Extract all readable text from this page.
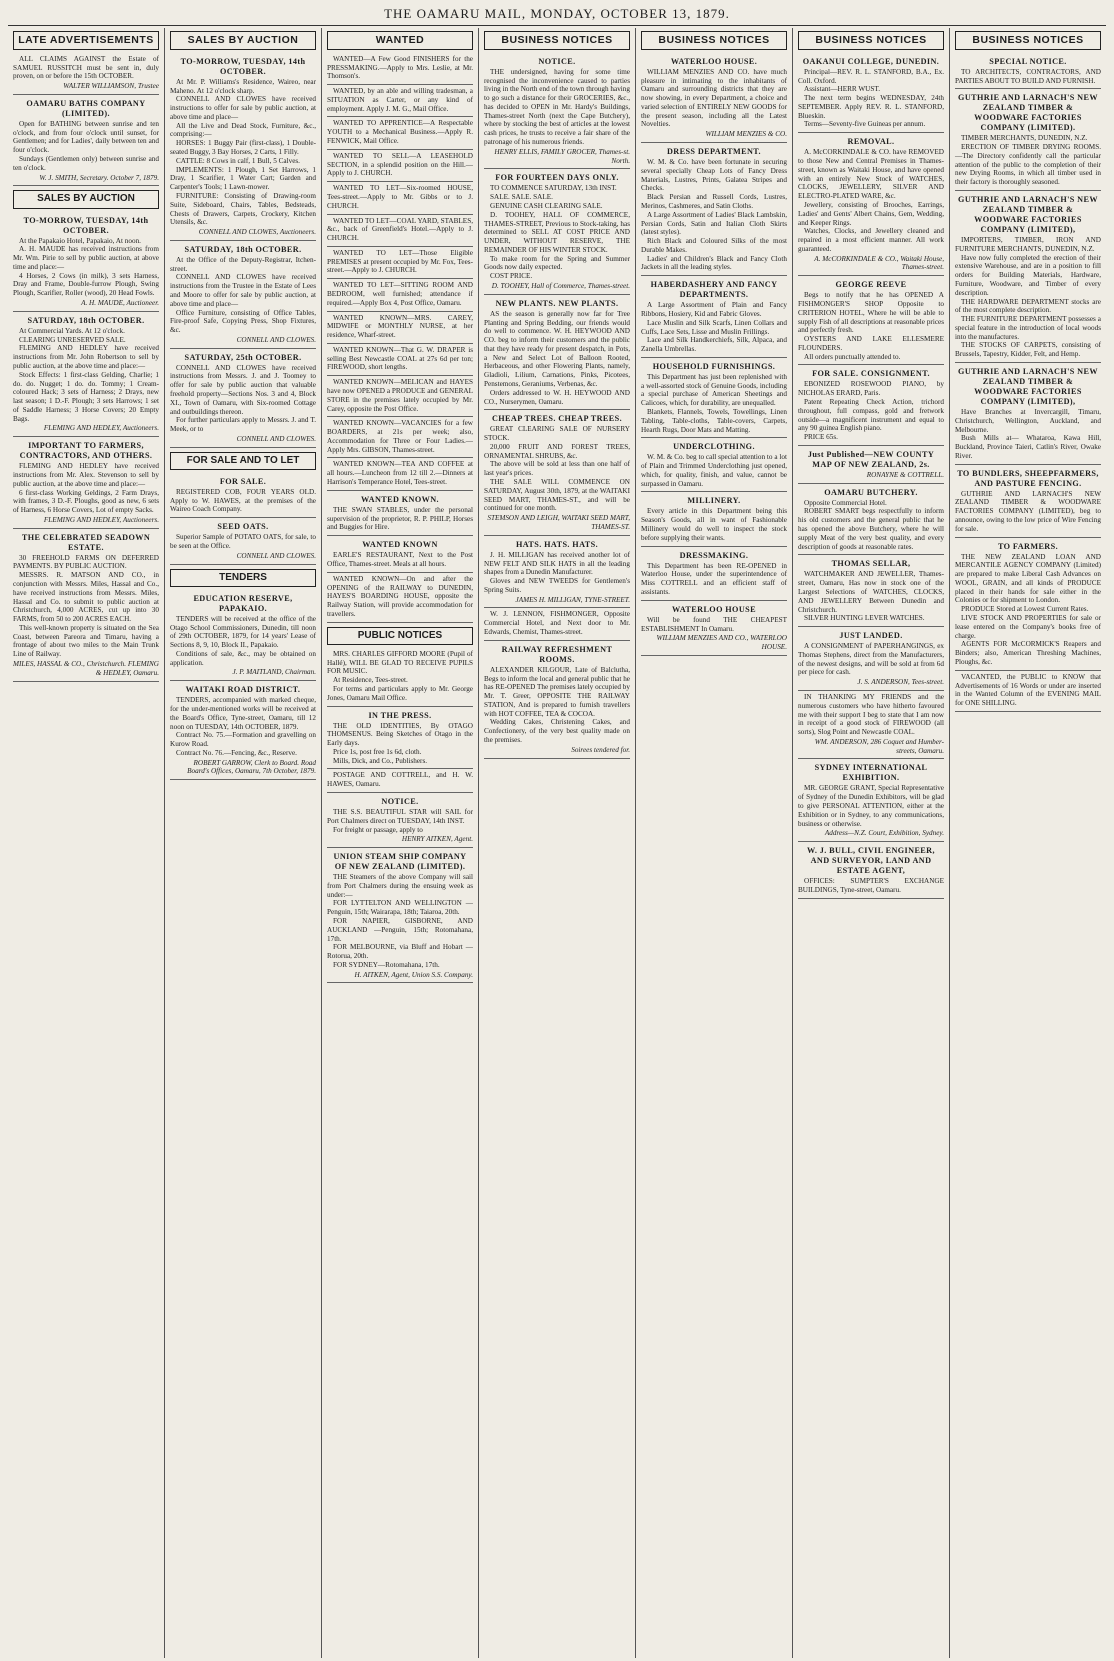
THE OAMARU MAIL, MONDAY, OCTOBER 13, 1879.
LATE ADVERTISEMENTS
ALL CLAIMS AGAINST the Estate of SAMUEL RUSSITCH must be sent in, duly proven, on or before the 15th OCTOBER.
WALTER WILLIAMSON, Trustee
OAMARU BATHS COMPANY (LIMITED).
Open for BATHING between sunrise and ten o'clock, and from four o'clock until sunset, for Gentlemen; and for Ladies', daily between ten and four o'clock.
Sundays (Gentlemen only) between sunrise and ten o'clock.
W. J. SMITH, Secretary. October 7, 1879.
SALES BY AUCTION
TO-MORROW, TUESDAY, 14th OCTOBER.
At the Papakaio Hotel, Papakaio, At noon.
A. H. MAUDE has received instructions from Mr. Wm. Pirie to sell by public auction, at above time and place:—
4 Horses, 2 Cows (in milk), 3 sets Harness, Dray and Frame, Double-furrow Plough, Swing Plough, Scarifier, Roller (wood), 20 Head Fowls.
A. H. MAUDE, Auctioneer.
SATURDAY, 18th OCTOBER.
At Commercial Yards. At 12 o'clock.
CLEARING UNRESERVED SALE.
FLEMING AND HEDLEY have received instructions from Mr. John Robertson to sell by public auction, at the above time and place:—
Stock Effects: 1 first-class Gelding, Charlie; 1 do. do. Nugget; 1 do. do. Tommy; 1 Cream-coloured Hack; 3 sets of Harness; 2 Drays, new last season; 1 D.-F. Plough; 3 sets Harrows; 1 set of Saddle Harness; 3 Horse Covers; 20 Empty Bags.
FLEMING AND HEDLEY, Auctioneers.
IMPORTANT TO FARMERS, CONTRACTORS, AND OTHERS.
FLEMING AND HEDLEY have received instructions from Mr. Alex. Stevenson to sell by public auction, at the above time and place:—
6 first-class Working Geldings, 2 Farm Drays, with frames, 3 D.-F. Ploughs, good as new, 6 sets of Harness, 6 Horse Covers, Lot of empty Sacks.
FLEMING AND HEDLEY, Auctioneers.
THE CELEBRATED SEADOWN ESTATE.
30 FREEHOLD FARMS ON DEFERRED PAYMENTS. BY PUBLIC AUCTION.
MESSRS. R. MATSON AND CO., in conjunction with Messrs. Miles, Hassal and Co., have received instructions from Messrs. Miles, Hassal and Co. to submit to public auction at Christchurch, 4,000 ACRES, cut up into 30 FARMS, from 50 to 200 ACRES EACH.
This well-known property is situated on the Sea Coast, between Pareora and Timaru, having a frontage of about two miles to the Main Trunk Line of Railway.
MILES, HASSAL & CO., Christchurch. FLEMING & HEDLEY, Oamaru.
SALES BY AUCTION
TO-MORROW, TUESDAY, 14th OCTOBER.
At Mr. P. Williams's Residence, Waireo, near Maheno. At 12 o'clock sharp.
CONNELL AND CLOWES have received instructions to offer for sale by public auction, at above time and place—
All the Live and Dead Stock, Furniture, &c., comprising:—
HORSES: 1 Buggy Pair (first-class), 1 Double-seated Buggy, 3 Bay Horses, 2 Carts, 1 Filly.
CATTLE: 8 Cows in calf, 1 Bull, 5 Calves.
IMPLEMENTS: 1 Plough, 1 Set Harrows, 1 Dray, 1 Scarifier, 1 Water Cart; Garden and Carpenter's Tools; 1 Lawn-mower.
FURNITURE: Consisting of Drawing-room Suite, Sideboard, Chairs, Tables, Bedsteads, Chests of Drawers, Carpets, Crockery, Kitchen Utensils, &c.
CONNELL AND CLOWES, Auctioneers.
SATURDAY, 18th OCTOBER.
At the Office of the Deputy-Registrar, Itchen-street.
CONNELL AND CLOWES have received instructions from the Trustee in the Estate of Lees and Moore to offer for sale by public auction, at above time and place—
Office Furniture, consisting of Office Tables, Fire-proof Safe, Copying Press, Shop Fixtures, &c.
CONNELL AND CLOWES.
SATURDAY, 25th OCTOBER.
CONNELL AND CLOWES have received instructions from Messrs. J. and J. Toomey to offer for sale by public auction that valuable freehold property—Sections Nos. 3 and 4, Block XI., Town of Oamaru, with Six-roomed Cottage and outbuildings thereon.
For further particulars apply to Messrs. J. and T. Meek, or to
CONNELL AND CLOWES.
FOR SALE AND TO LET
FOR SALE.
REGISTERED COB, FOUR YEARS OLD. Apply to W. HAWES, at the premises of the Waireo Coach Company.
SEED OATS.
Superior Sample of POTATO OATS, for sale, to be seen at the Office.
CONNELL AND CLOWES.
TENDERS
EDUCATION RESERVE, PAPAKAIO.
TENDERS will be received at the office of the Otago School Commissioners, Dunedin, till noon of 29th OCTOBER, 1879, for 14 years' Lease of Sections 8, 9, 10, Block II., Papakaio.
Conditions of sale, &c., may be obtained on application.
J. P. MAITLAND, Chairman.
WAITAKI ROAD DISTRICT.
TENDERS, accompanied with marked cheque, for the under-mentioned works will be received at the Board's Office, Tyne-street, Oamaru, till 12 noon on TUESDAY, 14th OCTOBER, 1879.
Contract No. 75.—Formation and gravelling on Kurow Road.
Contract No. 76.—Fencing, &c., Reserve.
ROBERT GARROW, Clerk to Board. Road Board's Offices, Oamaru, 7th October, 1879.
WANTED
WANTED—A Few Good FINISHERS for the PRESSMAKING.—Apply to Mrs. Leslie, at Mr. Thomson's.
WANTED, by an able and willing tradesman, a SITUATION as Carter, or any kind of employment. Apply J. M. G., Mail Office.
WANTED TO APPRENTICE—A Respectable YOUTH to a Mechanical Business.—Apply R. FENWICK, Mail Office.
WANTED TO SELL—A LEASEHOLD SECTION, in a splendid position on the Hill.—Apply to J. CHURCH.
WANTED TO LET—Six-roomed HOUSE, Tees-street.—Apply to Mr. Gibbs or to J. CHURCH.
WANTED TO LET—COAL YARD, STABLES, &c., back of Greenfield's Hotel.—Apply to J. CHURCH.
WANTED TO LET—Those Eligible PREMISES at present occupied by Mr. Fox, Tees-street.—Apply to J. CHURCH.
WANTED TO LET—SITTING ROOM AND BEDROOM, well furnished; attendance if required.—Apply Box 4, Post Office, Oamaru.
WANTED KNOWN—MRS. CAREY, MIDWIFE or MONTHLY NURSE, at her residence, Wharf-street.
WANTED KNOWN—That G. W. DRAPER is selling Best Newcastle COAL at 27s 6d per ton; FIREWOOD, short lengths.
WANTED KNOWN—MELICAN and HAYES have now OPENED a PRODUCE and GENERAL STORE in the premises lately occupied by Mr. Carey, opposite the Post Office.
WANTED KNOWN—VACANCIES for a few BOARDERS, at 21s per week; also, Accommodation for Three or Four Ladies.—Apply Mrs. GIBSON, Thames-street.
WANTED KNOWN—TEA AND COFFEE at all hours.—Luncheon from 12 till 2.—Dinners at Harrison's Temperance Hotel, Tees-street.
WANTED KNOWN.
THE SWAN STABLES, under the personal supervision of the proprietor, R. P. PHILP, Horses and Buggies for Hire.
WANTED KNOWN
EARLE'S RESTAURANT, Next to the Post Office, Thames-street. Meals at all hours.
WANTED KNOWN—On and after the OPENING of the RAILWAY to DUNEDIN, HAYES'S BOARDING HOUSE, opposite the Railway Station, will provide accommodation for travellers.
PUBLIC NOTICES
MRS. CHARLES GIFFORD MOORE (Pupil of Hallé), WILL BE GLAD TO RECEIVE PUPILS FOR MUSIC.
At Residence, Tees-street.
For terms and particulars apply to Mr. George Jones, Oamaru Mail Office.
IN THE PRESS.
THE OLD IDENTITIES, By OTAGO THOMSENUS. Being Sketches of Otago in the Early days.
Price 1s, post free 1s 6d, cloth.
Mills, Dick, and Co., Publishers.
POSTAGE AND COTTRELL, and H. W. HAWES, Oamaru.
NOTICE.
THE S.S. BEAUTIFUL STAR will SAIL for Port Chalmers direct on TUESDAY, 14th INST.
For freight or passage, apply to
HENRY AITKEN, Agent.
UNION STEAM SHIP COMPANY OF NEW ZEALAND (LIMITED).
THE Steamers of the above Company will sail from Port Chalmers during the ensuing week as under:—
FOR LYTTELTON AND WELLINGTON —Penguin, 15th; Wairarapa, 18th; Taiaroa, 20th.
FOR NAPIER, GISBORNE, AND AUCKLAND —Penguin, 15th; Rotomahana, 17th.
FOR MELBOURNE, via Bluff and Hobart —Rotorua, 20th.
FOR SYDNEY—Rotomahana, 17th.
H. AITKEN, Agent, Union S.S. Company.
BUSINESS NOTICES
NOTICE.
THE undersigned, having for some time recognised the inconvenience caused to parties living in the North end of the town through having to go such a distance for their GROCERIES, &c., has decided to OPEN in Mr. Hardy's Buildings, Thames-street North (next the Cape Butchery), where by stocking the best of articles at the lowest cash prices, he trusts to receive a fair share of the patronage of his numerous friends.
HENRY ELLIS, FAMILY GROCER, Thames-st. North.
FOR FOURTEEN DAYS ONLY.
TO COMMENCE SATURDAY, 13th INST.
SALE. SALE. SALE.
GENUINE CASH CLEARING SALE.
D. TOOHEY, HALL OF COMMERCE, THAMES-STREET, Previous to Stock-taking, has determined to SELL AT COST PRICE AND UNDER, WITHOUT RESERVE, THE REMAINDER OF HIS WINTER STOCK.
To make room for the Spring and Summer Goods now daily expected.
COST PRICE.
D. TOOHEY, Hall of Commerce, Thames-street.
NEW PLANTS. NEW PLANTS.
AS the season is generally now far for Tree Planting and Spring Bedding, our friends would do well to commence. W. H. HEYWOOD AND CO. beg to inform their customers and the public that they have ready for present despatch, in Pots, a New and Select Lot of Balloon Rooted, Herbaceous, and other Flowering Plants, namely, Gladioli, Lilium, Carnations, Pinks, Picotees, Penstemons, Geraniums, Verbenas, &c.
Orders addressed to W. H. HEYWOOD AND CO., Nurserymen, Oamaru.
CHEAP TREES. CHEAP TREES.
GREAT CLEARING SALE OF NURSERY STOCK.
20,000 FRUIT AND FOREST TREES, ORNAMENTAL SHRUBS, &c.
The above will be sold at less than one half of last year's prices.
THE SALE WILL COMMENCE ON SATURDAY, August 30th, 1879, at the WAITAKI SEED MART, THAMES-ST., and will be continued for one month.
STEMSON AND LEIGH, WAITAKI SEED MART, THAMES-ST.
HATS. HATS. HATS.
J. H. MILLIGAN has received another lot of NEW FELT AND SILK HATS in all the leading shapes from a Dunedin Manufacturer.
Gloves and NEW TWEEDS for Gentlemen's Spring Suits.
JAMES H. MILLIGAN, TYNE-STREET.
W. J. LENNON, FISHMONGER, Opposite Commercial Hotel, and Next door to Mr. Edwards, Chemist, Thames-street.
RAILWAY REFRESHMENT ROOMS.
ALEXANDER KILGOUR, Late of Balclutha, Begs to inform the local and general public that he has RE-OPENED The premises lately occupied by Mr. T. Greer, OPPOSITE THE RAILWAY STATION, And is prepared to furnish travellers with HOT COFFEE, TEA & COCOA.
Wedding Cakes, Christening Cakes, and Confectionery, of the very best quality made on the premises.
Soirees tendered for.
BUSINESS NOTICES
WATERLOO HOUSE.
WILLIAM MENZIES AND CO. have much pleasure in intimating to the inhabitants of Oamaru and surrounding districts that they are now showing, in every Department, a choice and varied selection of ENTIRELY NEW GOODS for the present season, including all the Latest Novelties.
WILLIAM MENZIES & CO.
DRESS DEPARTMENT.
W. M. & Co. have been fortunate in securing several specially Cheap Lots of Fancy Dress Materials, Lustres, Prints, Galatea Stripes and Checks.
Black Persian and Russell Cords, Lustres, Merinos, Cashmeres, and Satin Cloths.
A Large Assortment of Ladies' Black Lambskin, Persian Cords, Satin and Italian Cloth Skirts (latest styles).
Rich Black and Coloured Silks of the most Durable Makes.
Ladies' and Children's Black and Fancy Cloth Jackets in all the leading styles.
HABERDASHERY AND FANCY DEPARTMENTS.
A Large Assortment of Plain and Fancy Ribbons, Hosiery, Kid and Fabric Gloves.
Lace Muslin and Silk Scarfs, Linen Collars and Cuffs, Lace Sets, Lisse and Muslin Frillings.
Lace and Silk Handkerchiefs, Silk, Alpaca, and Zanella Umbrellas.
HOUSEHOLD FURNISHINGS.
This Department has just been replenished with a well-assorted stock of Genuine Goods, including a special purchase of American Sheetings and Calicoes, which, for durability, are unequalled.
Blankets, Flannels, Towels, Towellings, Linen Tabling, Table-cloths, Table-covers, Carpets, Hearth Rugs, Door Mats and Matting.
UNDERCLOTHING.
W. M. & Co. beg to call special attention to a lot of Plain and Trimmed Underclothing just opened, which, for quality, finish, and value, cannot be surpassed in Oamaru.
MILLINERY.
Every article in this Department being this Season's Goods, all in want of Fashionable Millinery would do well to inspect the stock before supplying their wants.
DRESSMAKING.
This Department has been RE-OPENED in Waterloo House, under the superintendence of Miss COTTRELL and an efficient staff of assistants.
WATERLOO HOUSE
Will be found THE CHEAPEST ESTABLISHMENT In Oamaru.
WILLIAM MENZIES AND CO., WATERLOO HOUSE.
BUSINESS NOTICES
OAKANUI COLLEGE, DUNEDIN.
Principal—REV. R. L. STANFORD, B.A., Ex. Coll. Oxford.
Assistant—HERR WUST.
The next term begins WEDNESDAY, 24th SEPTEMBER. Apply REV. R. L. STANFORD, Blueskin.
Terms—Seventy-five Guineas per annum.
REMOVAL.
A. McCORKINDALE & CO. have REMOVED to those New and Central Premises in Thames-street, known as Waitaki House, and have opened with an entirely New Stock of WATCHES, CLOCKS, JEWELLERY, SILVER AND ELECTRO-PLATED WARE, &c.
Jewellery, consisting of Brooches, Earrings, Ladies' and Gents' Albert Chains, Gem, Wedding, and Keeper Rings.
Watches, Clocks, and Jewellery cleaned and repaired in a most efficient manner. All work guaranteed.
A. McCORKINDALE & CO., Waitaki House, Thames-street.
GEORGE REEVE
Begs to notify that he has OPENED A FISHMONGER'S SHOP Opposite to CRITERION HOTEL, Where he will be able to supply Fish of all descriptions at reasonable prices and perfectly fresh.
OYSTERS AND LAKE ELLESMERE FLOUNDERS.
All orders punctually attended to.
FOR SALE. CONSIGNMENT.
EBONIZED ROSEWOOD PIANO, by NICHOLAS ERARD, Paris.
Patent Repeating Check Action, trichord throughout, full compass, gold and fretwork outside—a magnificent instrument and equal to any 90 guinea English piano.
PRICE 65s.
Just Published—NEW COUNTY MAP OF NEW ZEALAND, 2s.
RONAYNE & COTTRELL.
OAMARU BUTCHERY.
Opposite Commercial Hotel.
ROBERT SMART begs respectfully to inform his old customers and the general public that he has opened the above Butchery, where he will supply Meat of the very best quality, and every description of goods at reasonable rates.
THOMAS SELLAR,
WATCHMAKER AND JEWELLER, Thames-street, Oamaru, Has now in stock one of the Largest Selections of WATCHES, CLOCKS, AND JEWELLERY Between Dunedin and Christchurch.
SILVER HUNTING LEVER WATCHES.
JUST LANDED.
A CONSIGNMENT of PAPERHANGINGS, ex Thomas Stephens, direct from the Manufacturers, of the newest designs, and will be sold at from 6d per piece for cash.
J. S. ANDERSON, Tees-street.
IN THANKING MY FRIENDS and the numerous customers who have hitherto favoured me with their support I beg to state that I am now in receipt of a good stock of FIREWOOD (all sorts), Slog Point and Newcastle COAL.
WM. ANDERSON, 286 Coquet and Humber-streets, Oamaru.
SYDNEY INTERNATIONAL EXHIBITION.
MR. GEORGE GRANT, Special Representative of Sydney of the Dunedin Exhibitors, will be glad to give PERSONAL ATTENTION, either at the Exhibition or in Sydney, to any communications, business or otherwise.
Address—N.Z. Court, Exhibition, Sydney.
W. J. BULL, CIVIL ENGINEER, AND SURVEYOR, LAND AND ESTATE AGENT,
OFFICES: SUMPTER'S EXCHANGE BUILDINGS, Tyne-street, Oamaru.
BUSINESS NOTICES
SPECIAL NOTICE.
TO ARCHITECTS, CONTRACTORS, AND PARTIES ABOUT TO BUILD AND FURNISH.
GUTHRIE AND LARNACH'S NEW ZEALAND TIMBER & WOODWARE FACTORIES COMPANY (LIMITED).
TIMBER MERCHANTS, DUNEDIN, N.Z.
ERECTION OF TIMBER DRYING ROOMS.—The Directory confidently call the particular attention of the public to the completion of their new Drying Rooms, in which all timber used in their factory is thoroughly seasoned.
GUTHRIE AND LARNACH'S NEW ZEALAND TIMBER & WOODWARE FACTORIES COMPANY (LIMITED),
IMPORTERS, TIMBER, IRON AND FURNITURE MERCHANTS, DUNEDIN, N.Z.
Have now fully completed the erection of their extensive Warehouse, and are in a position to fill orders for Building Materials, Hardware, Furniture, Woodware, and Timber of every description.
THE HARDWARE DEPARTMENT stocks are of the most complete description.
THE FURNITURE DEPARTMENT possesses a special feature in the introduction of local woods into the manufactures.
THE STOCKS OF CARPETS, consisting of Brussels, Tapestry, Kidder, Felt, and Hemp.
GUTHRIE AND LARNACH'S NEW ZEALAND TIMBER & WOODWARE FACTORIES COMPANY (LIMITED),
Have Branches at Invercargill, Timaru, Christchurch, Wellington, Auckland, and Melbourne.
Bush Mills at— Whataroa, Kawa Hill, Buckland, Province Taieri, Catlin's River, Owake River.
TO BUNDLERS, SHEEPFARMERS, AND PASTURE FENCING.
GUTHRIE AND LARNACH'S NEW ZEALAND TIMBER & WOODWARE FACTORIES COMPANY (LIMITED), beg to announce, owing to the low price of Wire Fencing for sale.
TO FARMERS.
THE NEW ZEALAND LOAN AND MERCANTILE AGENCY COMPANY (Limited) are prepared to make Liberal Cash Advances on WOOL, GRAIN, and all kinds of PRODUCE placed in their hands for sale either in the Colonies or for shipment to London.
PRODUCE Stored at Lowest Current Rates.
LIVE STOCK AND PROPERTIES for sale or lease entered on the Company's books free of charge.
AGENTS FOR McCORMICK'S Reapers and Binders; also, American Threshing Machines, Ploughs, &c.
VACANTED, the PUBLIC to KNOW that Advertisements of 16 Words or under are inserted in the Wanted Column of the EVENING MAIL for ONE SHILLING.
